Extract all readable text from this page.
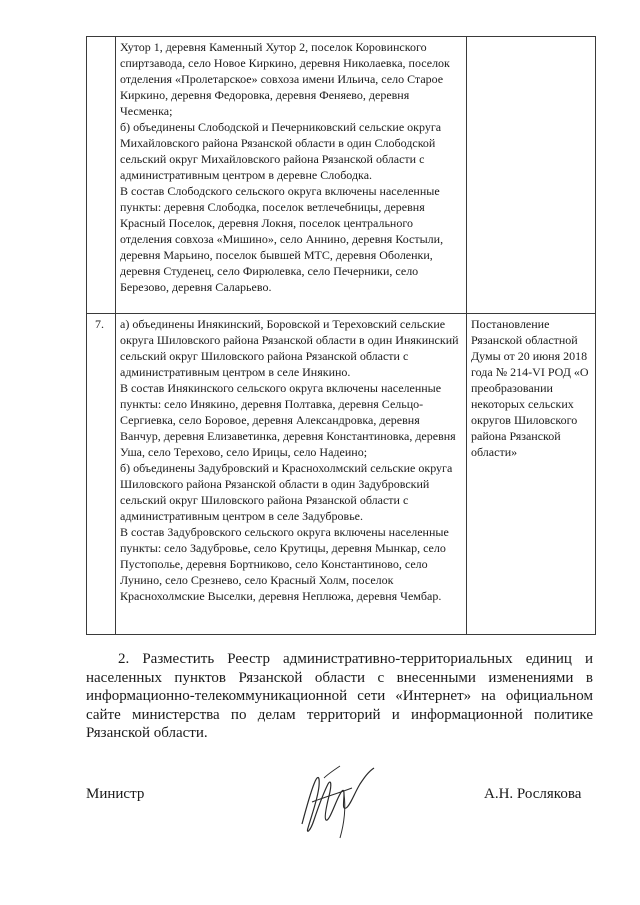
	Хутор 1, деревня Каменный Хутор 2, поселок Коровинского спиртзавода, село Новое Киркино, деревня Николаевка, поселок отделения «Пролетарское» совхоза имени Ильича, село Старое Киркино, деревня Федоровка, деревня Феняево, деревня Чесменка;

б) объединены Слободской и Печерниковский сельские округа Михайловского района Рязанской области в один Слободской сельский округ Михайловского района Рязанской области с административным центром в деревне Слободка.

В состав Слободского сельского округа включены населенные пункты: деревня Слободка, поселок ветлечебницы, деревня Красный Поселок, деревня Локня, поселок центрального отделения совхоза «Мишино», село Аннино, деревня Костыли, деревня Марьино, поселок бывшей МТС, деревня Оболенки, деревня Студенец, село Фирюлевка, село Печерники, село Березово, деревня Саларьево.	

7.	а) объединены Инякинский, Боровской и Тереховский сельские округа Шиловского района Рязанской области в один Инякинский сельский округ Шиловского района Рязанской области с административным центром в селе Инякино.

В состав Инякинского сельского округа включены населенные пункты: село Инякино, деревня Полтавка, деревня Сельцо-Сергиевка, село Боровое, деревня Александровка, деревня Ванчур, деревня Елизаветинка, деревня Константиновка, деревня Уша, село Терехово, село Ирицы, село Надеино;

б) объединены Задубровский и Краснохолмский сельские округа Шиловского района Рязанской области в один Задубровский сельский округ Шиловского района Рязанской области с административным центром в селе Задубровье.

В состав Задубровского сельского округа включены населенные пункты: село Задубровье, село Крутицы, деревня Мынкар, село Пустополье, деревня Бортниково, село Константиново, село Лунино, село Срезнево, село Красный Холм, поселок Краснохолмские Выселки, деревня Неплюжа, деревня Чембар.	Постановление Рязанской областной Думы от 20 июня 2018 года № 214-VI РОД «О преобразовании некоторых сельских округов Шиловского района Рязанской области»

2. Разместить Реестр административно-территориальных единиц и населенных пунктов Рязанской области с внесенными изменениями в информационно-телекоммуникационной сети «Интернет» на официальном сайте министерства по делам территорий и информационной политике Рязанской области.

Министр	А.Н. Рослякова
